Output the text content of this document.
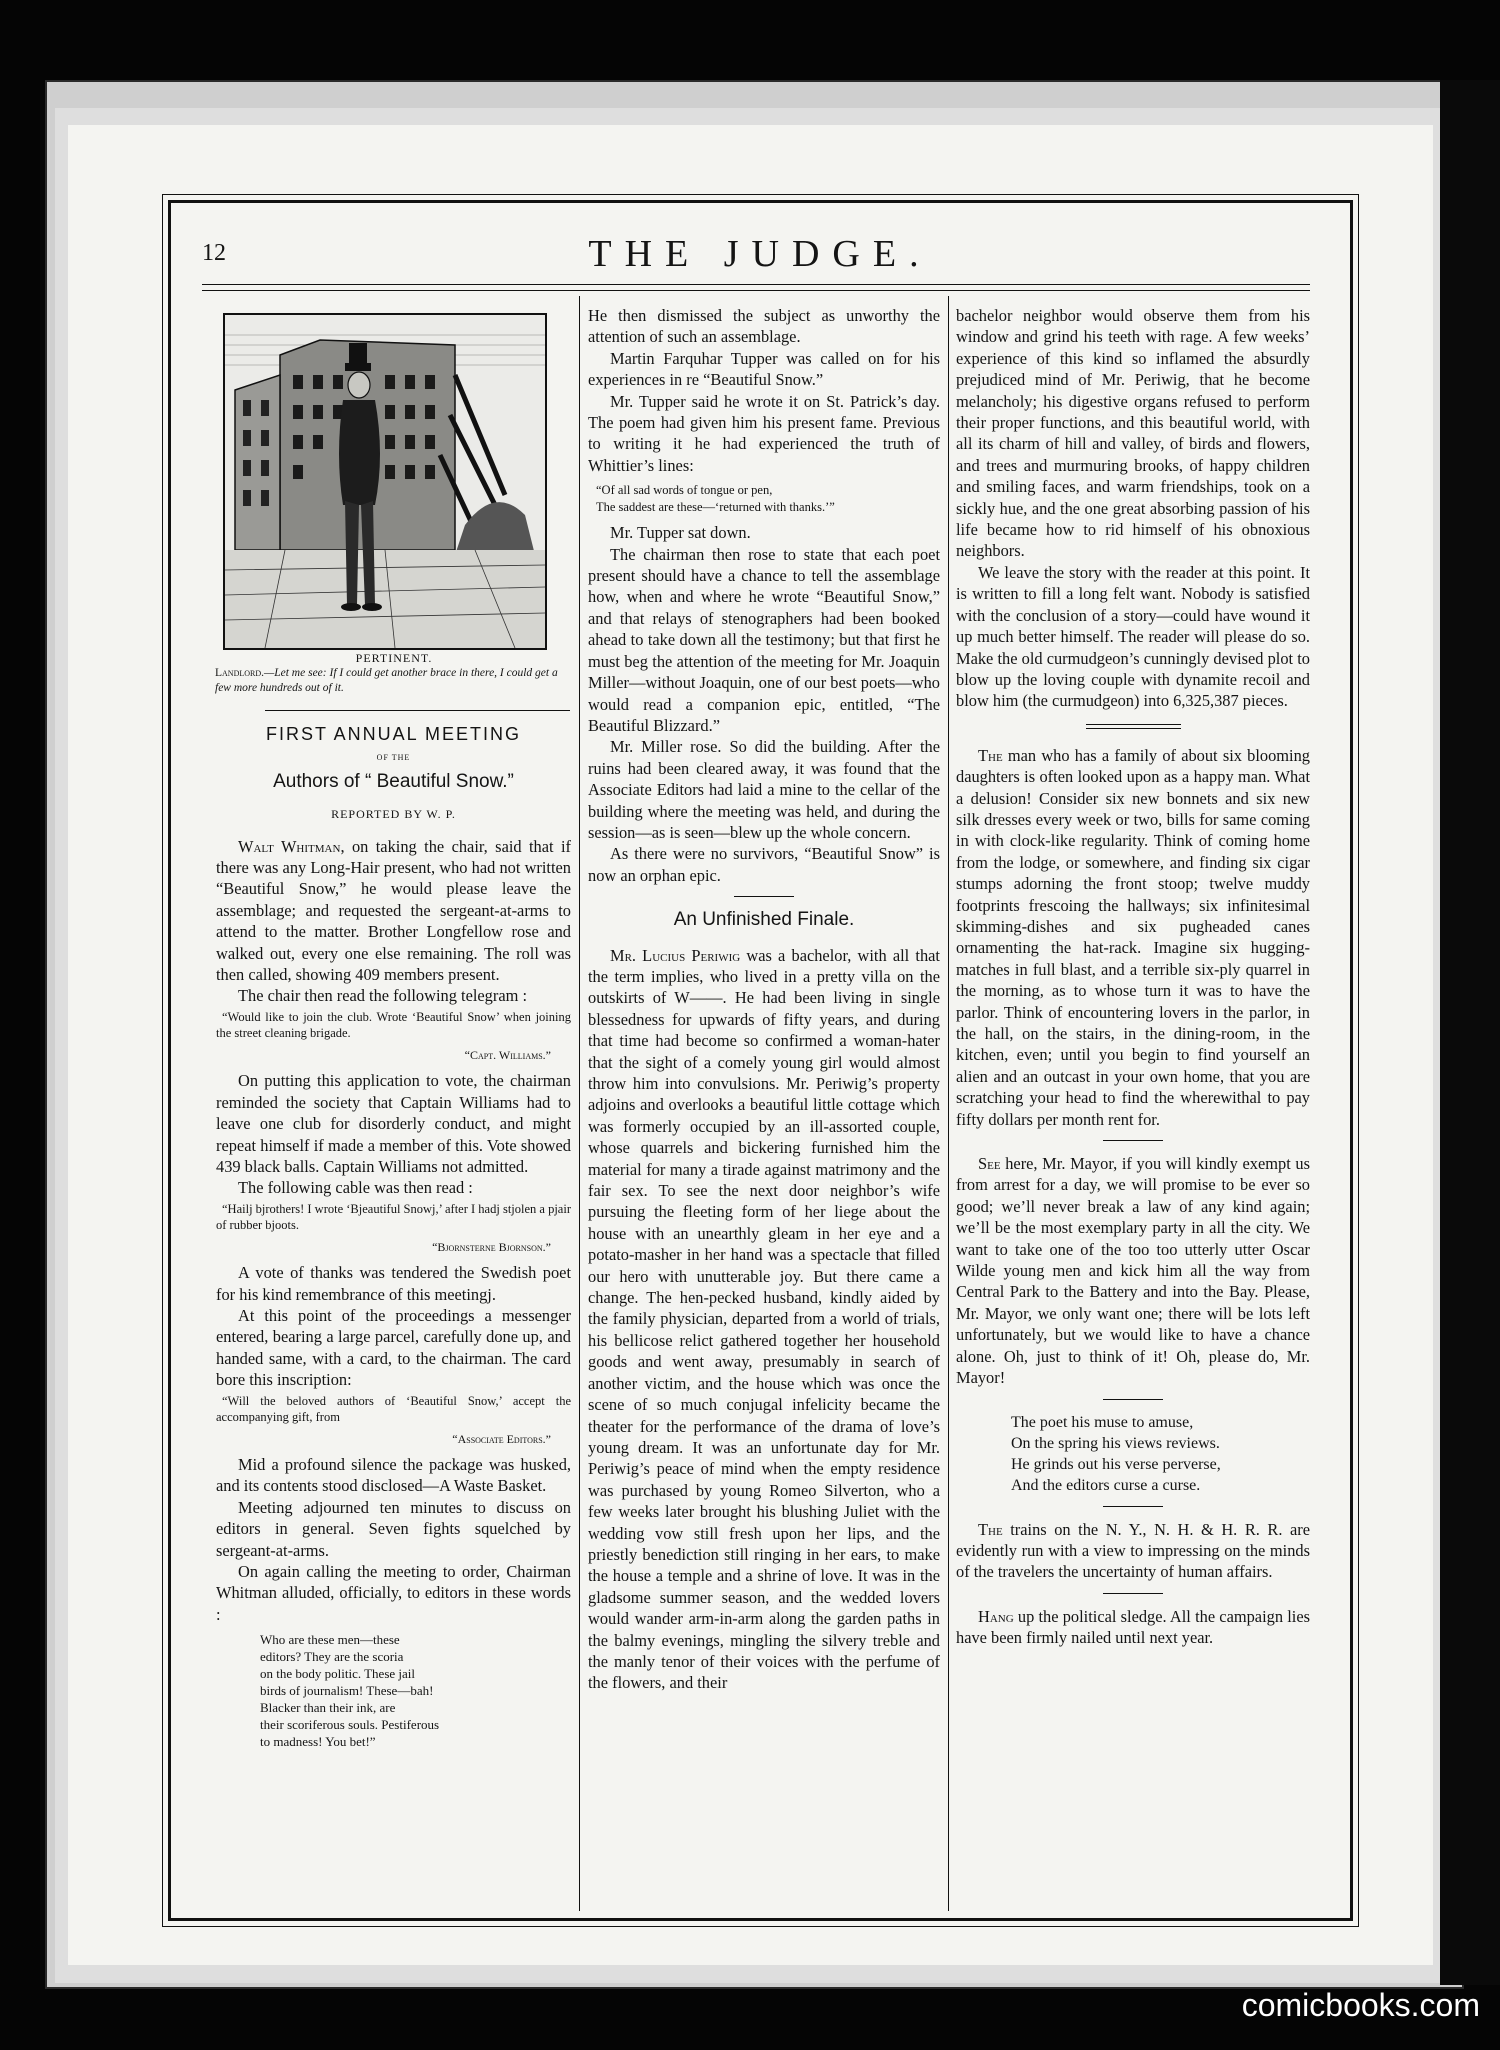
12	THE JUDGE.
PERTINENT.
Landlord.—Let me see: If I could get another brace in there, I could get a few more hundreds out of it.
FIRST ANNUAL MEETING
OF THE
Authors of “ Beautiful Snow.”
REPORTED BY W. P.

Walt Whitman, on taking the chair, said that if there was any Long-Hair present, who had not written “Beautiful Snow,” he would please leave the assemblage; and requested the sergeant-at-arms to attend to the matter. Brother Longfellow rose and walked out, every one else remaining. The roll was then called, showing 409 members present.

The chair then read the following telegram :

“Would like to join the club. Wrote ‘Beautiful Snow’ when joining the street cleaning brigade.
“Capt. Williams.”

On putting this application to vote, the chairman reminded the society that Captain Williams had to leave one club for disorderly conduct, and might repeat himself if made a member of this. Vote showed 439 black balls. Captain Williams not admitted.

The following cable was then read :

“Hailj bjrothers! I wrote ‘Bjeautiful Snowj,’ after I hadj stjolen a pjair of rubber bjoots.
“Bjornsterne Bjornson.”

A vote of thanks was tendered the Swedish poet for his kind remembrance of this meetingj.

At this point of the proceedings a messenger entered, bearing a large parcel, carefully done up, and handed same, with a card, to the chairman. The card bore this inscription:

“Will the beloved authors of ‘Beautiful Snow,’ accept the accompanying gift, from
“Associate Editors.”

Mid a profound silence the package was husked, and its contents stood disclosed—A Waste Basket.

Meeting adjourned ten minutes to discuss on editors in general. Seven fights squelched by sergeant-at-arms.

On again calling the meeting to order, Chairman Whitman alluded, officially, to editors in these words :

Who are these men—these
editors? They are the scoria
on the body politic. These jail
birds of journalism! These—bah!
Blacker than their ink, are
their scoriferous souls. Pestiferous
to madness! You bet!”

He then dismissed the subject as unworthy the attention of such an assemblage.

Martin Farquhar Tupper was called on for his experiences in re “Beautiful Snow.”

Mr. Tupper said he wrote it on St. Patrick’s day. The poem had given him his present fame. Previous to writing it he had experienced the truth of Whittier’s lines:

“Of all sad words of tongue or pen,
The saddest are these—‘returned with thanks.’”

Mr. Tupper sat down.

The chairman then rose to state that each poet present should have a chance to tell the assemblage how, when and where he wrote “Beautiful Snow,” and that relays of stenographers had been booked ahead to take down all the testimony; but that first he must beg the attention of the meeting for Mr. Joaquin Miller—without Joaquin, one of our best poets—who would read a companion epic, entitled, “The Beautiful Blizzard.”

Mr. Miller rose. So did the building. After the ruins had been cleared away, it was found that the Associate Editors had laid a mine to the cellar of the building where the meeting was held, and during the session—as is seen—blew up the whole concern.

As there were no survivors, “Beautiful Snow” is now an orphan epic.

An Unfinished Finale.

Mr. Lucius Periwig was a bachelor, with all that the term implies, who lived in a pretty villa on the outskirts of W——. He had been living in single blessedness for upwards of fifty years, and during that time had become so confirmed a woman-hater that the sight of a comely young girl would almost throw him into convulsions. Mr. Periwig’s property adjoins and overlooks a beautiful little cottage which was formerly occupied by an ill-assorted couple, whose quarrels and bickering furnished him the material for many a tirade against matrimony and the fair sex. To see the next door neighbor’s wife pursuing the fleeting form of her liege about the house with an unearthly gleam in her eye and a potato-masher in her hand was a spectacle that filled our hero with unutterable joy. But there came a change. The hen-pecked husband, kindly aided by the family physician, departed from a world of trials, his bellicose relict gathered together her household goods and went away, presumably in search of another victim, and the house which was once the scene of so much conjugal infelicity became the theater for the performance of the drama of love’s young dream. It was an unfortunate day for Mr. Periwig’s peace of mind when the empty residence was purchased by young Romeo Silverton, who a few weeks later brought his blushing Juliet with the wedding vow still fresh upon her lips, and the priestly benediction still ringing in her ears, to make the house a temple and a shrine of love. It was in the gladsome summer season, and the wedded lovers would wander arm-in-arm along the garden paths in the balmy evenings, mingling the silvery treble and the manly tenor of their voices with the perfume of the flowers, and their

bachelor neighbor would observe them from his window and grind his teeth with rage. A few weeks’ experience of this kind so inflamed the absurdly prejudiced mind of Mr. Periwig, that he become melancholy; his digestive organs refused to perform their proper functions, and this beautiful world, with all its charm of hill and valley, of birds and flowers, and trees and murmuring brooks, of happy children and smiling faces, and warm friendships, took on a sickly hue, and the one great absorbing passion of his life became how to rid himself of his obnoxious neighbors.

We leave the story with the reader at this point. It is written to fill a long felt want. Nobody is satisfied with the conclusion of a story—could have wound it up much better himself. The reader will please do so. Make the old curmudgeon’s cunningly devised plot to blow up the loving couple with dynamite recoil and blow him (the curmudgeon) into 6,325,387 pieces.

The man who has a family of about six blooming daughters is often looked upon as a happy man. What a delusion! Consider six new bonnets and six new silk dresses every week or two, bills for same coming in with clock-like regularity. Think of coming home from the lodge, or somewhere, and finding six cigar stumps adorning the front stoop; twelve muddy footprints frescoing the hallways; six infinitesimal skimming-dishes and six pugheaded canes ornamenting the hat-rack. Imagine six hugging-matches in full blast, and a terrible six-ply quarrel in the morning, as to whose turn it was to have the parlor. Think of encountering lovers in the parlor, in the hall, on the stairs, in the dining-room, in the kitchen, even; until you begin to find yourself an alien and an outcast in your own home, that you are scratching your head to find the wherewithal to pay fifty dollars per month rent for.

See here, Mr. Mayor, if you will kindly exempt us from arrest for a day, we will promise to be ever so good; we’ll never break a law of any kind again; we’ll be the most exemplary party in all the city. We want to take one of the too too utterly utter Oscar Wilde young men and kick him all the way from Central Park to the Battery and into the Bay. Please, Mr. Mayor, we only want one; there will be lots left unfortunately, but we would like to have a chance alone. Oh, just to think of it! Oh, please do, Mr. Mayor!

The poet his muse to amuse,
On the spring his views reviews.
He grinds out his verse perverse,
And the editors curse a curse.

The trains on the N. Y., N. H. & H. R. R. are evidently run with a view to impressing on the minds of the travelers the uncertainty of human affairs.

Hang up the political sledge. All the campaign lies have been firmly nailed until next year.

comicbooks.com
